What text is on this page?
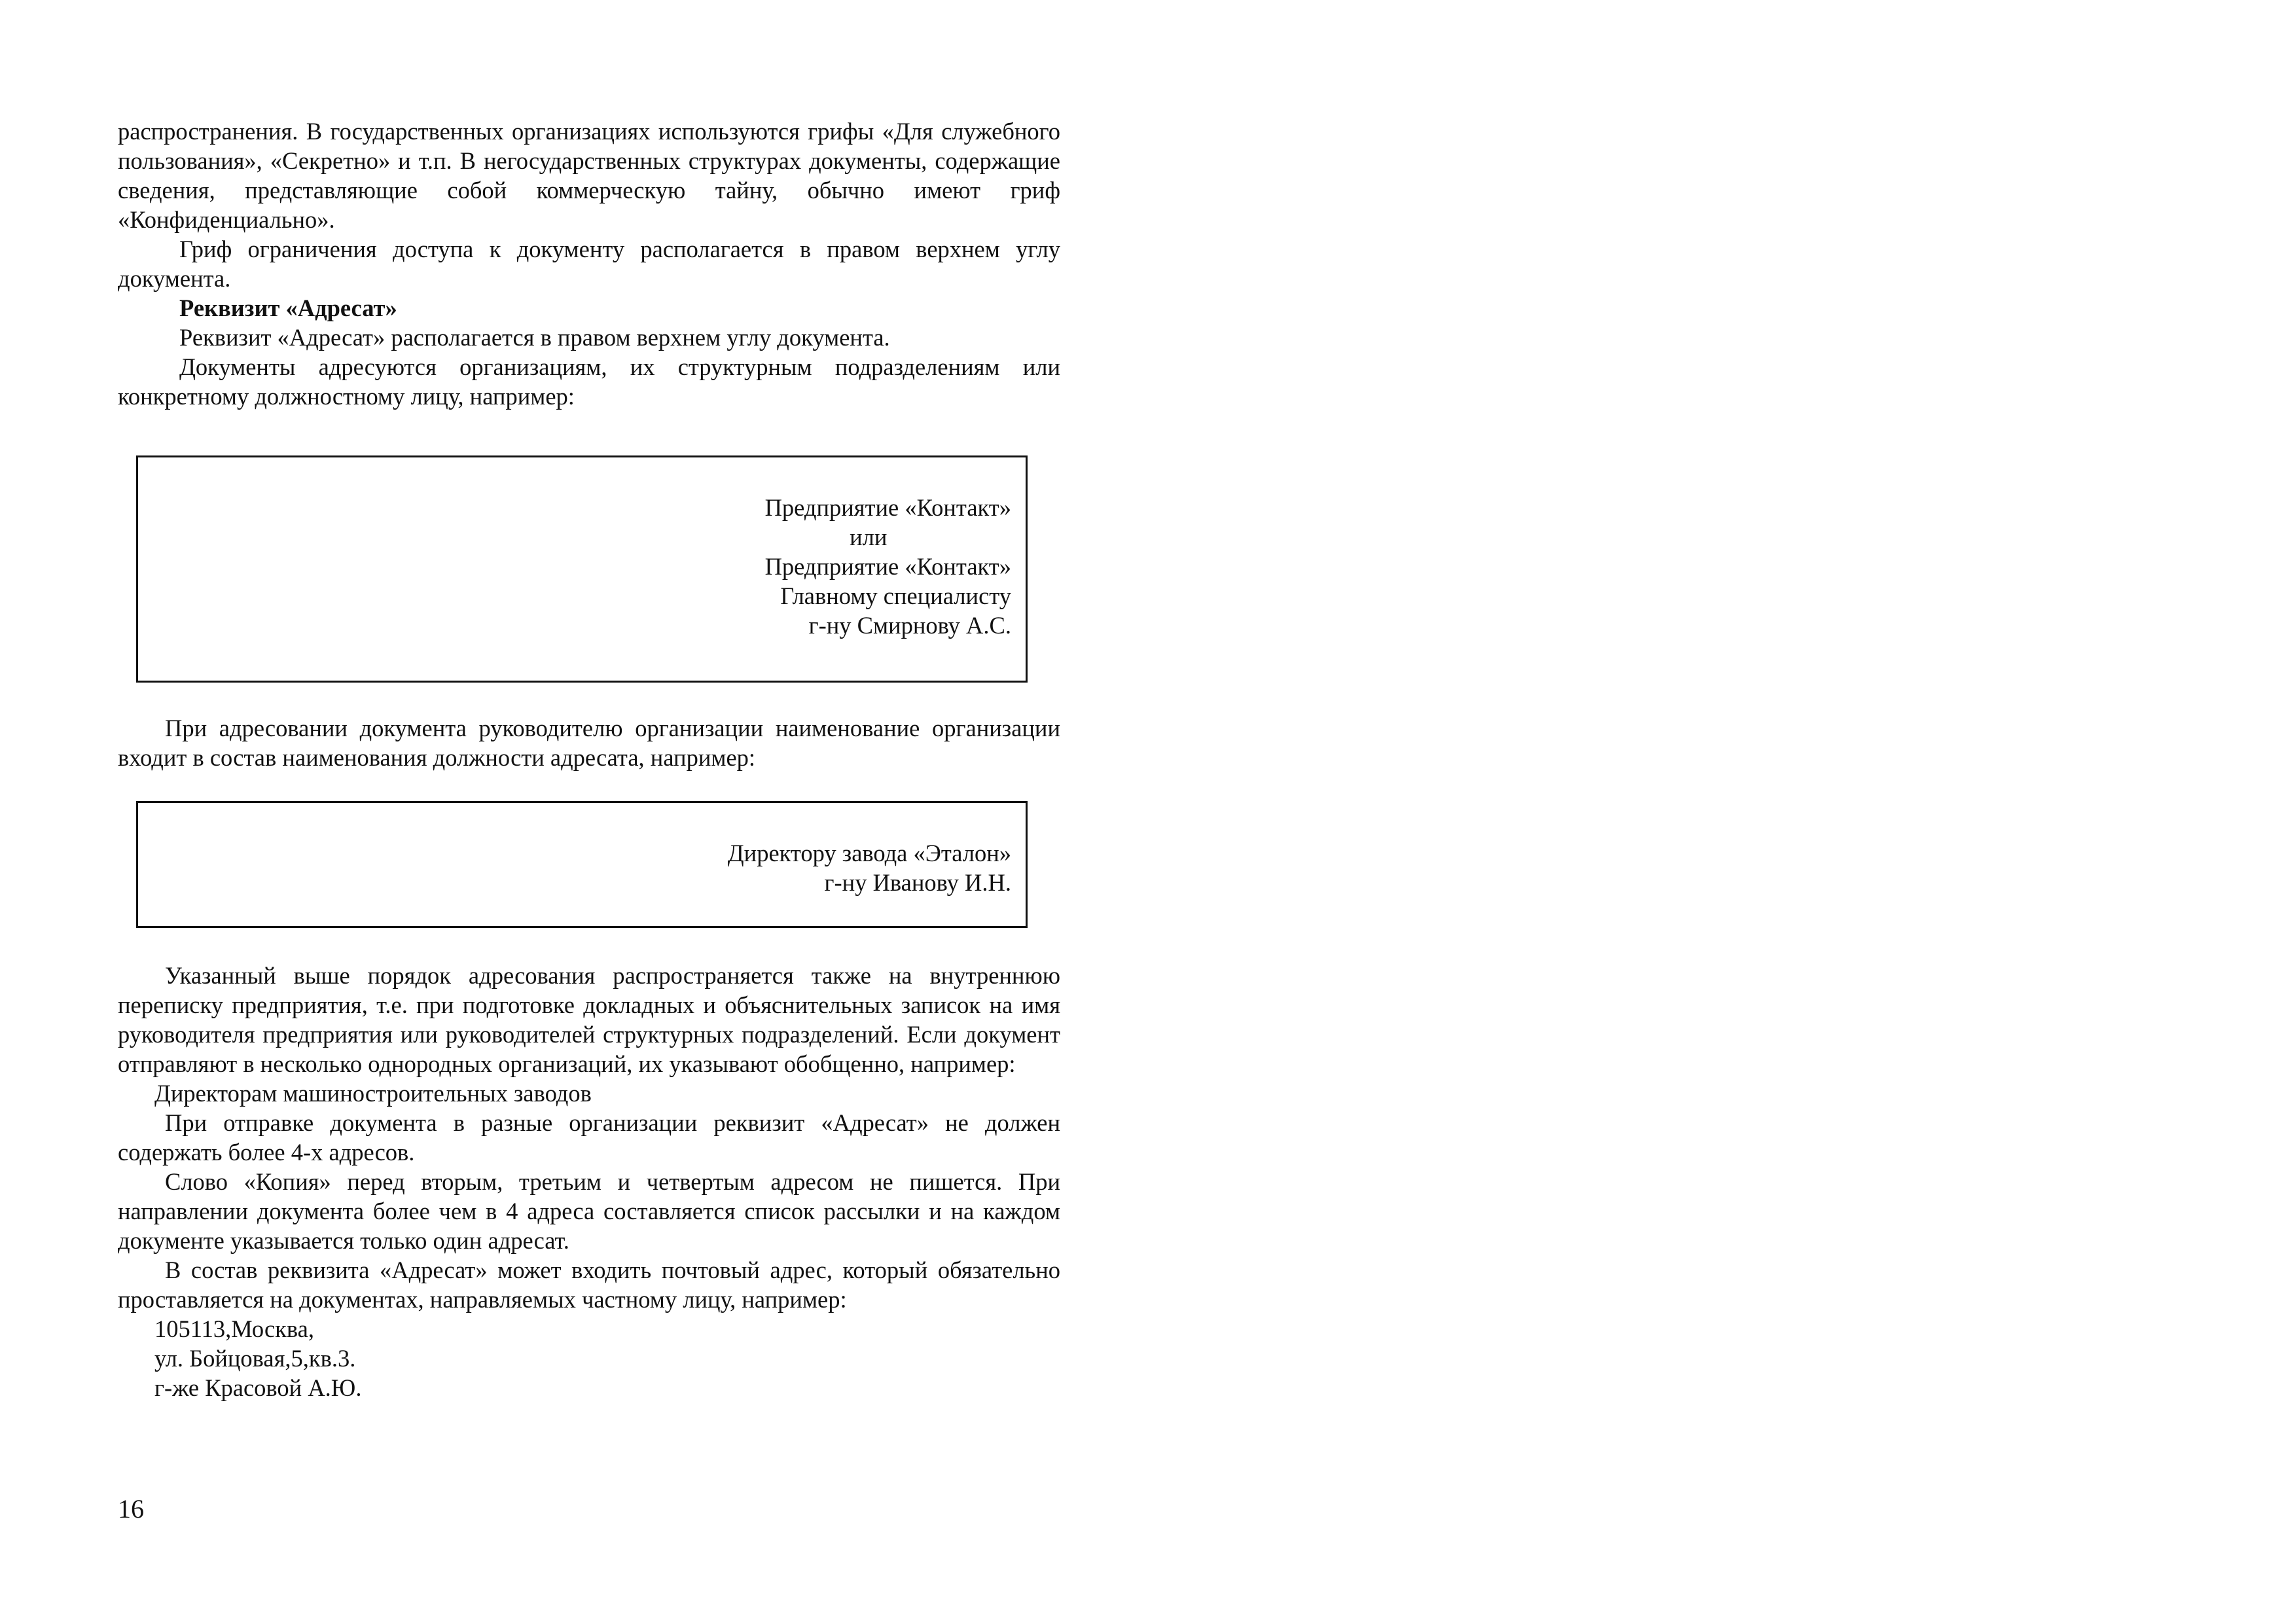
распространения. В государственных организациях используются грифы «Для служебного пользования», «Секретно» и т.п. В негосударственных структурах документы, содержащие сведения, представляющие собой коммерческую тайну, обычно имеют гриф «Конфиденциально».

Гриф ограничения доступа к документу располагается в правом верхнем углу документа.

Реквизит «Адресат»

Реквизит «Адресат» располагается в правом верхнем углу документа.

Документы адресуются организациям, их структурным подразделениям или конкретному должностному лицу, например:

Предприятие «Контакт»
или
Предприятие «Контакт»
Главному специалисту
г-ну Смирнову А.С.

При адресовании документа руководителю организации наименование организации входит в состав наименования должности адресата, например:

Директору завода «Эталон»
г-ну Иванову И.Н.

Указанный выше порядок адресования распространяется также на внутреннюю переписку предприятия, т.е. при подготовке докладных и объяснительных записок на имя руководителя предприятия или руководителей структурных подразделений. Если документ отправляют в несколько однородных организаций, их указывают обобщенно, например:

Директорам машиностроительных заводов

При отправке документа в разные организации реквизит «Адресат» не должен содержать более 4-х адресов.

Слово «Копия» перед вторым, третьим и четвертым адресом не пишется. При направлении документа более чем в 4 адреса составляется список рассылки и на каждом документе указывается только один адресат.

В состав реквизита «Адресат» может входить почтовый адрес, который обязательно проставляется на документах, направляемых частному лицу, например:

105113,Москва,

ул. Бойцовая,5,кв.3.

г-же Красовой А.Ю.

16
